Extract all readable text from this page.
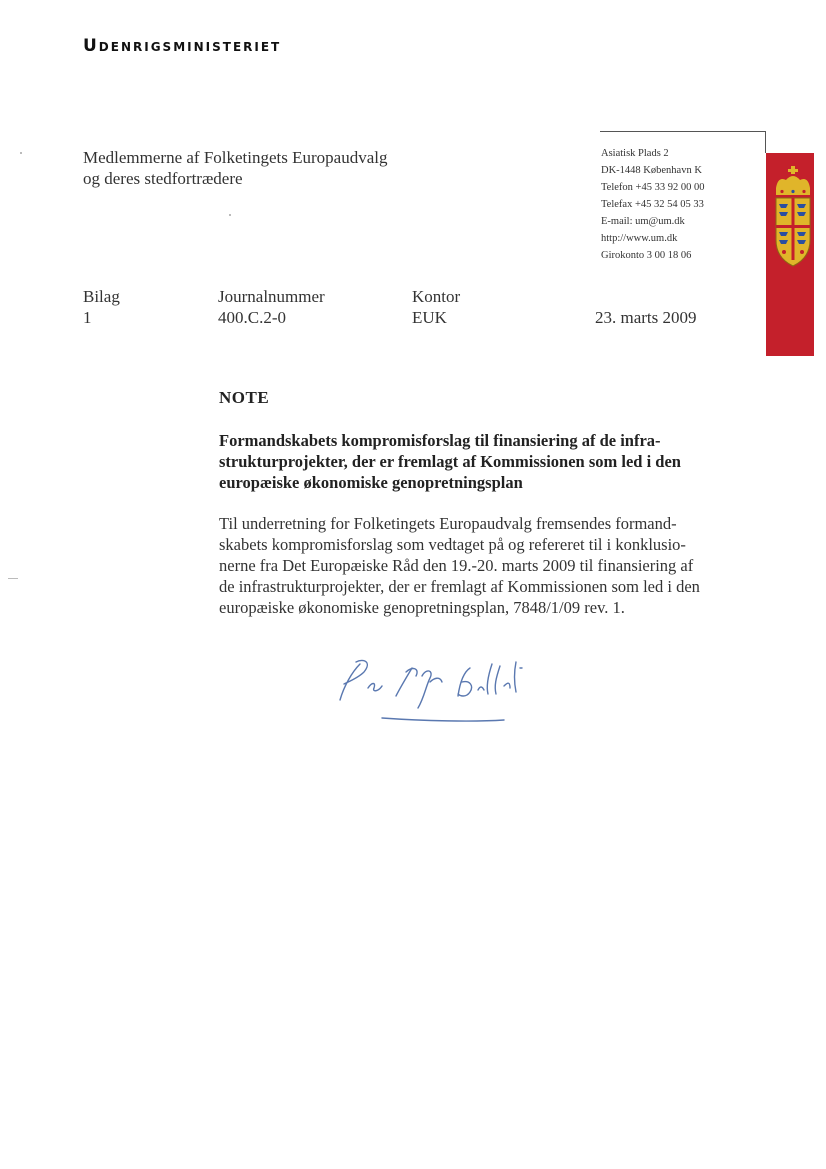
Udenrigsministeriet
Medlemmerne af Folketingets Europaudvalg
og deres stedfortrædere
Asiatisk Plads 2
DK-1448 København K
Telefon +45 33 92 00 00
Telefax +45 32 54 05 33
E-mail: um@um.dk
http://www.um.dk
Girokonto 3 00 18 06
Bilag
1
Journalnummer
400.C.2-0
Kontor
EUK	23. marts 2009
NOTE
Formandskabets kompromisforslag til finansiering af de infra-
strukturprojekter, der er fremlagt af Kommissionen som led i den
europæiske økonomiske genopretningsplan
Til underretning for Folketingets Europaudvalg fremsendes formand-
skabets kompromisforslag som vedtaget på og refereret til i konklusio-
nerne fra Det Europæiske Råd den 19.-20. marts 2009 til finansiering af
de infrastrukturprojekter, der er fremlagt af Kommissionen som led i den
europæiske økonomiske genopretningsplan, 7848/1/09 rev. 1.
